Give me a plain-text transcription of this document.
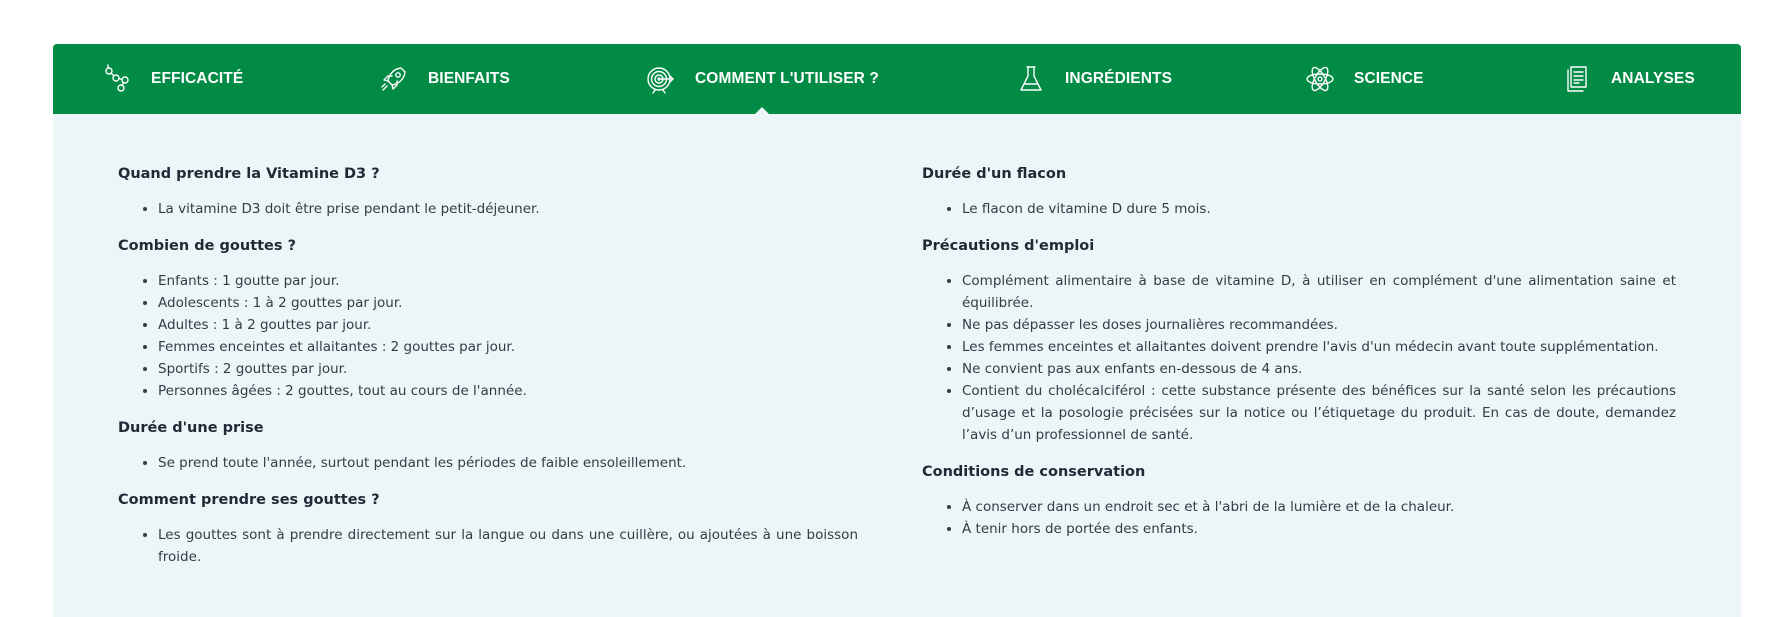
EFFICACITÉ	BIENFAITS	COMMENT L'UTILISER ?	INGRÉDIENTS	SCIENCE	ANALYSES
Quand prendre la Vitamine D3 ?
• La vitamine D3 doit être prise pendant le petit-déjeuner.
Combien de gouttes ?
• Enfants : 1 goutte par jour.
• Adolescents : 1 à 2 gouttes par jour.
• Adultes : 1 à 2 gouttes par jour.
• Femmes enceintes et allaitantes : 2 gouttes par jour.
• Sportifs : 2 gouttes par jour.
• Personnes âgées : 2 gouttes, tout au cours de l'année.
Durée d'une prise
• Se prend toute l'année, surtout pendant les périodes de faible ensoleillement.
Comment prendre ses gouttes ?
• Les gouttes sont à prendre directement sur la langue ou dans une cuillère, ou ajoutées à une boisson froide.
Durée d'un flacon
• Le flacon de vitamine D dure 5 mois.
Précautions d'emploi
• Complément alimentaire à base de vitamine D, à utiliser en complément d'une alimentation saine et équilibrée.
• Ne pas dépasser les doses journalières recommandées.
• Les femmes enceintes et allaitantes doivent prendre l'avis d'un médecin avant toute supplémentation.
• Ne convient pas aux enfants en-dessous de 4 ans.
• Contient du cholécalciférol : cette substance présente des bénéfices sur la santé selon les précautions d’usage et la posologie précisées sur la notice ou l’étiquetage du produit. En cas de doute, demandez l’avis d’un professionnel de santé.
Conditions de conservation
• À conserver dans un endroit sec et à l'abri de la lumière et de la chaleur.
• À tenir hors de portée des enfants.
